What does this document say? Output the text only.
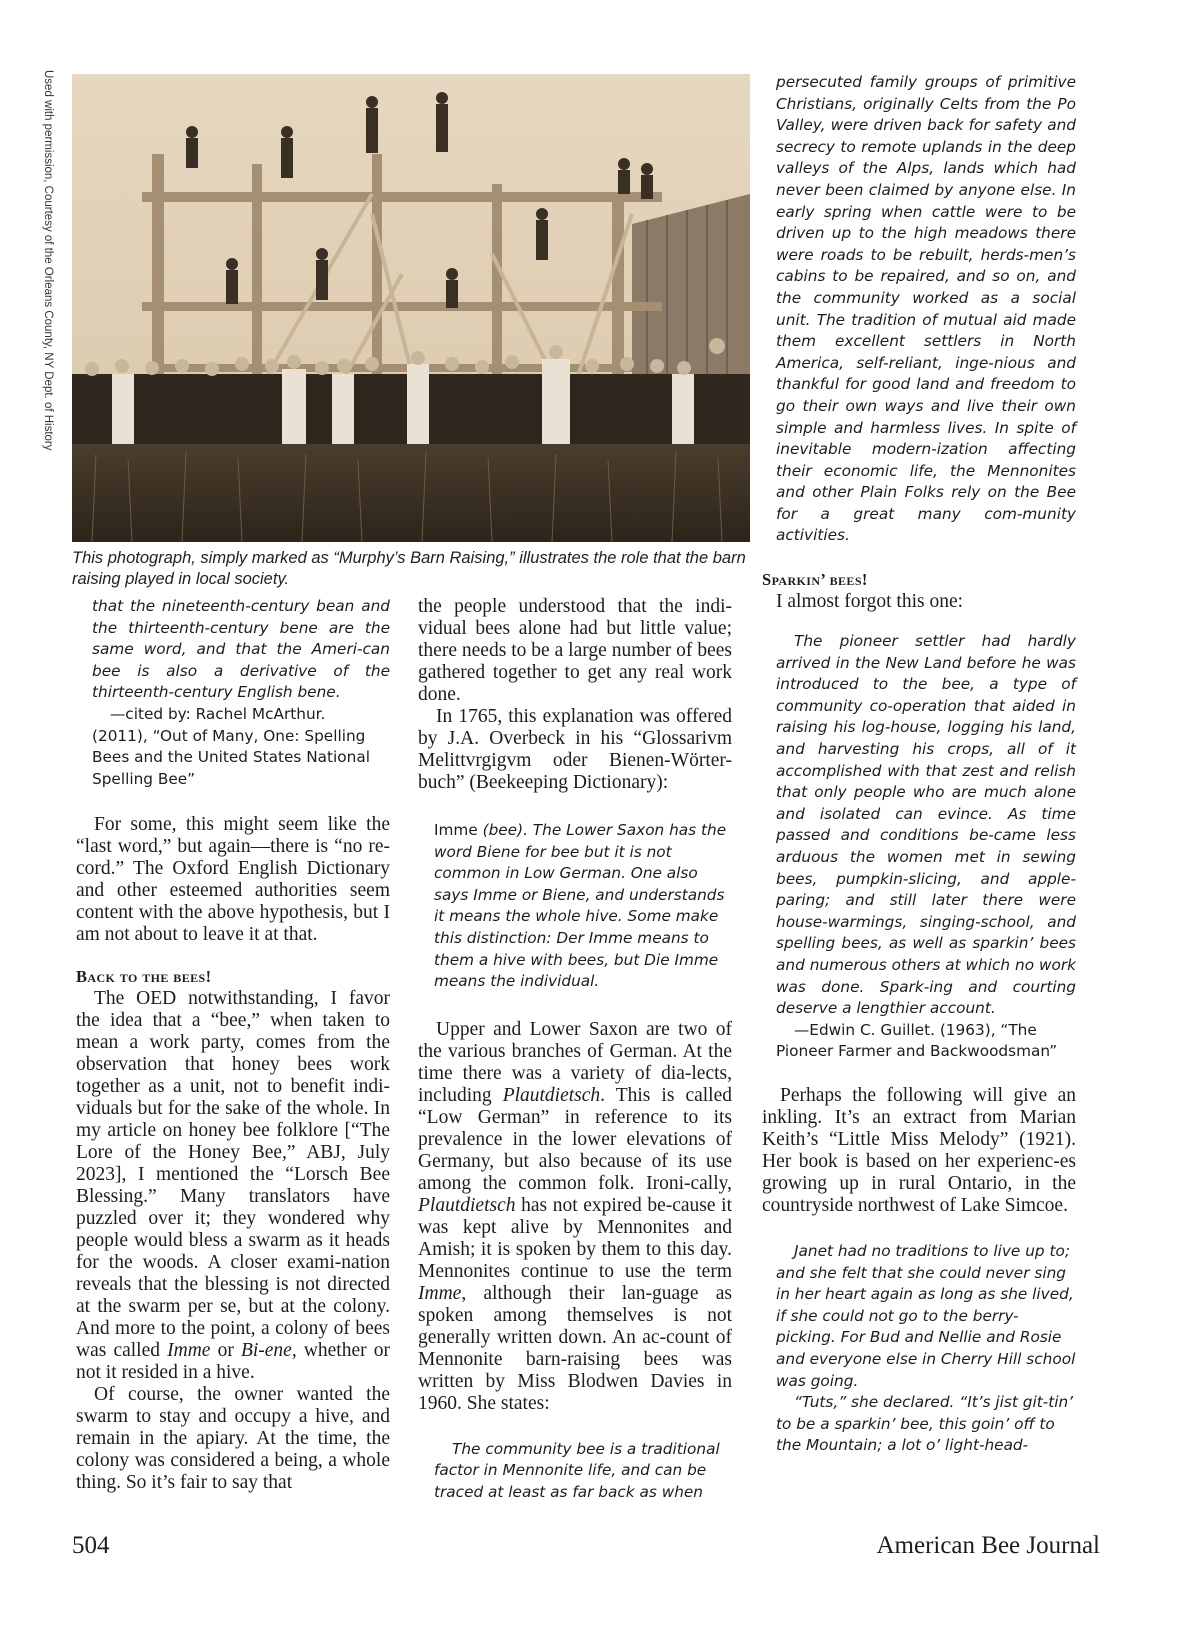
Used with permission, Courtesy of the Orleans County, NY Dept. of History
This photograph, simply marked as “Murphy’s Barn Raising,” illustrates the role that the barn raising played in local society.

that the nineteenth-century bean and the thirteenth-century bene are the same word, and that the Ameri-can bee is also a derivative of the thirteenth-century English bene.

—cited by: Rachel McArthur.

(2011), “Out of Many, One: Spelling Bees and the United States National Spelling Bee”

For some, this might seem like the “last word,” but again—there is “no re-cord.” The Oxford English Dictionary and other esteemed authorities seem content with the above hypothesis, but I am not about to leave it at that.

Back to the bees!

The OED notwithstanding, I favor the idea that a “bee,” when taken to mean a work party, comes from the observation that honey bees work together as a unit, not to benefit indi-viduals but for the sake of the whole. In my article on honey bee folklore [“The Lore of the Honey Bee,” ABJ, July 2023], I mentioned the “Lorsch Bee Blessing.” Many translators have puzzled over it; they wondered why people would bless a swarm as it heads for the woods. A closer exami-nation reveals that the blessing is not directed at the swarm per se, but at the colony. And more to the point, a colony of bees was called Imme or Bi-ene, whether or not it resided in a hive.

Of course, the owner wanted the swarm to stay and occupy a hive, and remain in the apiary. At the time, the colony was considered a being, a whole thing. So it’s fair to say that

the people understood that the indi-vidual bees alone had but little value; there needs to be a large number of bees gathered together to get any real work done.

In 1765, this explanation was offered by J.A. Overbeck in his “Glossarivm Melittvrgigvm oder Bienen-Wörter-buch” (Beekeeping Dictionary):

Imme (bee). The Lower Saxon has the word Biene for bee but it is not common in Low German. One also says Imme or Biene, and understands it means the whole hive. Some make this distinction: Der Imme means to them a hive with bees, but Die Imme means the individual.

Upper and Lower Saxon are two of the various branches of German. At the time there was a variety of dia-lects, including Plautdietsch. This is called “Low German” in reference to its prevalence in the lower elevations of Germany, but also because of its use among the common folk. Ironi-cally, Plautdietsch has not expired be-cause it was kept alive by Mennonites and Amish; it is spoken by them to this day. Mennonites continue to use the term Imme, although their lan-guage as spoken among themselves is not generally written down. An ac-count of Mennonite barn-raising bees was written by Miss Blodwen Davies in 1960. She states:

The community bee is a traditional factor in Mennonite life, and can be traced at least as far back as when

persecuted family groups of primitive Christians, originally Celts from the Po Valley, were driven back for safety and secrecy to remote uplands in the deep valleys of the Alps, lands which had never been claimed by anyone else. In early spring when cattle were to be driven up to the high meadows there were roads to be rebuilt, herds-men’s cabins to be repaired, and so on, and the community worked as a social unit. The tradition of mutual aid made them excellent settlers in North America, self-reliant, inge-nious and thankful for good land and freedom to go their own ways and live their own simple and harmless lives. In spite of inevitable modern-ization affecting their economic life, the Mennonites and other Plain Folks rely on the Bee for a great many com-munity activities.

Sparkin’ bees!

I almost forgot this one:

The pioneer settler had hardly arrived in the New Land before he was introduced to the bee, a type of community co-operation that aided in raising his log-house, logging his land, and harvesting his crops, all of it accomplished with that zest and relish that only people who are much alone and isolated can evince. As time passed and conditions be-came less arduous the women met in sewing bees, pumpkin-slicing, and apple-paring; and still later there were house-warmings, singing-school, and spelling bees, as well as sparkin’ bees and numerous others at which no work was done. Spark-ing and courting deserve a lengthier account.

—Edwin C. Guillet. (1963), “The Pioneer Farmer and Backwoodsman”

Perhaps the following will give an inkling. It’s an extract from Marian Keith’s “Little Miss Melody” (1921). Her book is based on her experienc-es growing up in rural Ontario, in the countryside northwest of Lake Simcoe.

Janet had no traditions to live up to; and she felt that she could never sing in her heart again as long as she lived, if she could not go to the berry-picking. For Bud and Nellie and Rosie and everyone else in Cherry Hill school was going.

“Tuts,” she declared. “It’s jist git-tin’ to be a sparkin’ bee, this goin’ off to the Mountain; a lot o’ light-head-

504	American Bee Journal
